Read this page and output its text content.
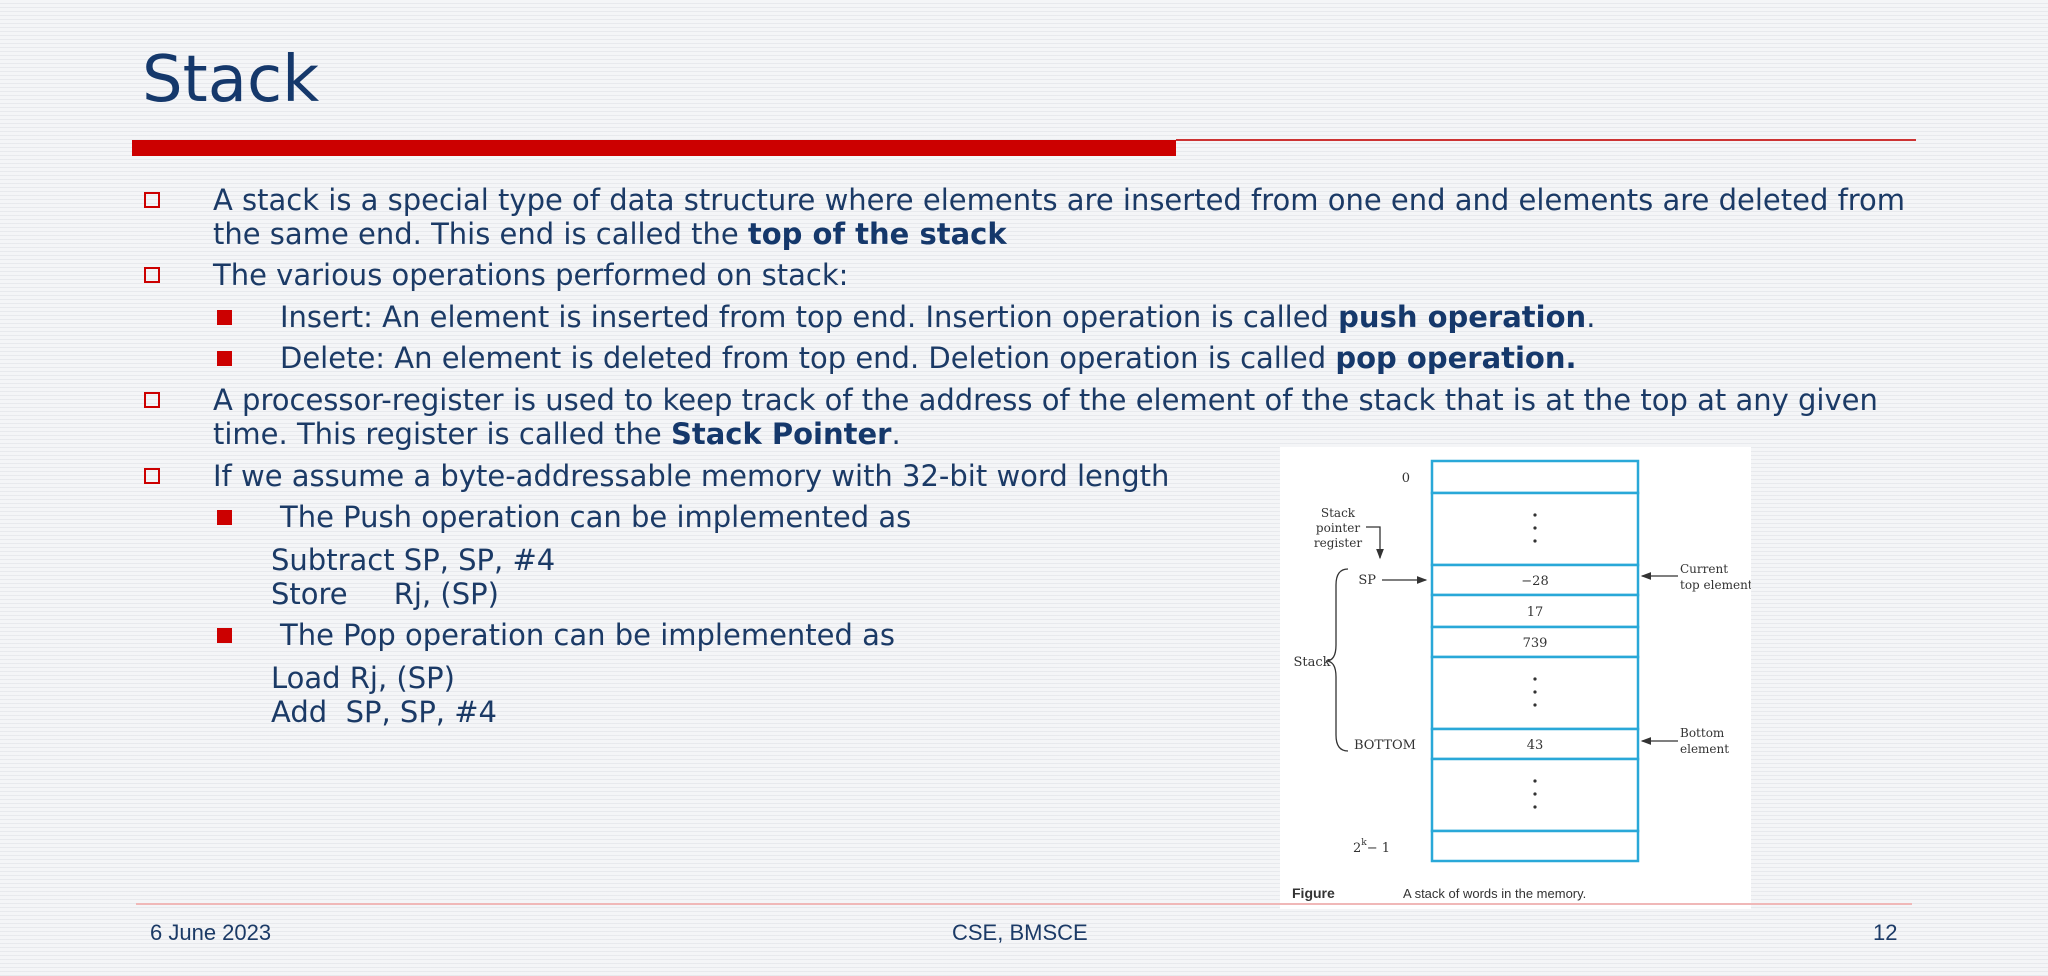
Stack
A stack is a special type of data structure where elements are inserted from one end and elements are deleted from the same end. This end is called the top of the stack
The various operations performed on stack:
Insert: An element is inserted from top end. Insertion operation is called push operation.
Delete: An element is deleted from top end. Deletion operation is called pop operation.
A processor-register is used to keep track of the address of the element of the stack that is at the top at any given time. This register is called the Stack Pointer.
If we assume a byte-addressable memory with 32-bit word length
The Push operation can be implemented as
Subtract SP, SP, #4
Store     Rj, (SP)
The Pop operation can be implemented as
Load Rj, (SP)
Add  SP, SP, #4
−28
17
739
43
0
Stack
pointer
register
SP
Stack
BOTTOM
$2^k- 1$
Current
top element
Bottom
element
Figure	A stack of words in the memory.
6 June 2023	CSE, BMSCE	12
